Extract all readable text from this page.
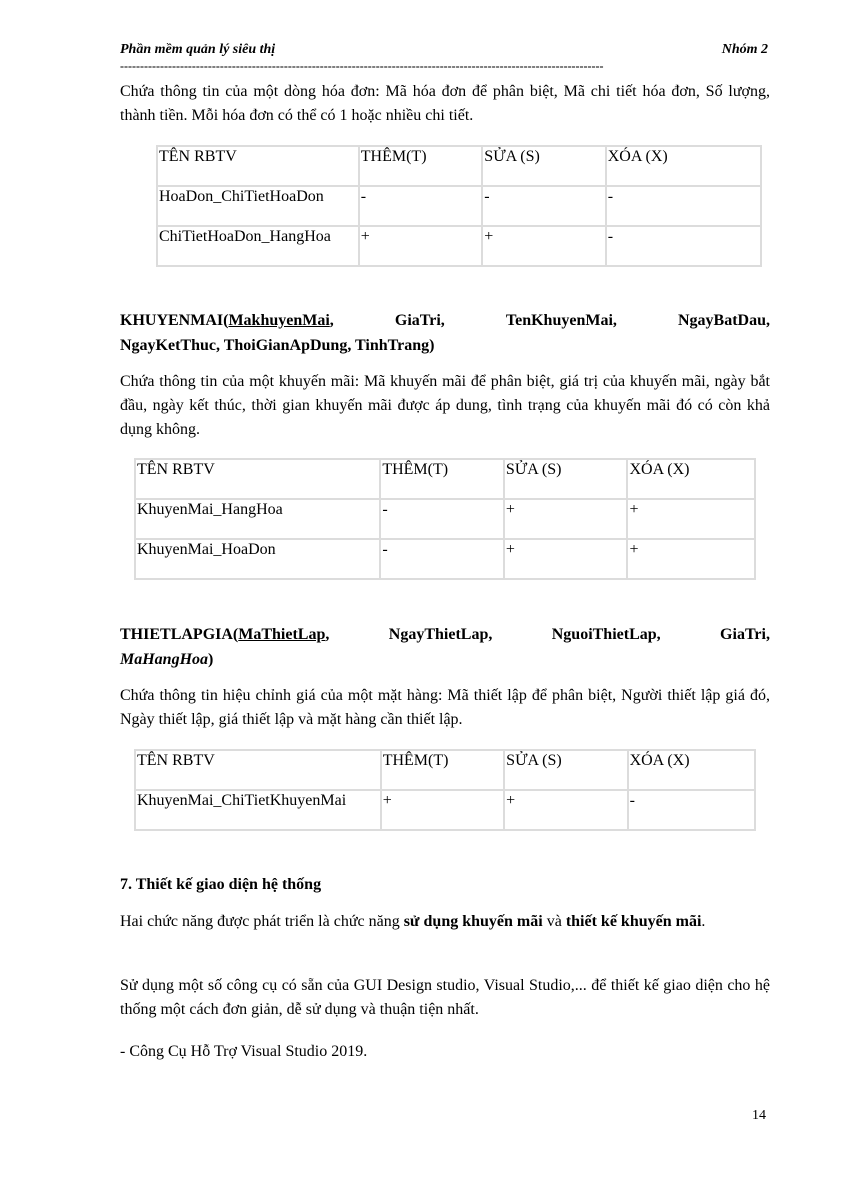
Phần mềm quản lý siêu thị	Nhóm 2
-------------------------------------------------------------------------------------------------------------------------
Chứa thông tin của một dòng hóa đơn: Mã hóa đơn để phân biệt, Mã chi tiết hóa đơn, Số lượng, thành tiền. Mỗi hóa đơn có thể có 1 hoặc nhiều chi tiết.
TÊN RBTV	THÊM(T)	SỬA (S)	XÓA (X)
HoaDon_ChiTietHoaDon	-	-	-
ChiTietHoaDon_HangHoa	+	+	-
KHUYENMAI(MakhuyenMai,	GiaTri,	TenKhuyenMai,	NgayBatDau,
NgayKetThuc, ThoiGianApDung, TinhTrang)
Chứa thông tin của một khuyến mãi: Mã khuyến mãi để phân biệt, giá trị của khuyến mãi, ngày bắt đầu, ngày kết thúc, thời gian khuyến mãi được áp dung, tình trạng của khuyến mãi đó có còn khả dụng không.
TÊN RBTV	THÊM(T)	SỬA (S)	XÓA (X)
KhuyenMai_HangHoa	-	+	+
KhuyenMai_HoaDon	-	+	+
THIETLAPGIA(MaThietLap,	NgayThietLap,	NguoiThietLap,	GiaTri,
MaHangHoa)
Chứa thông tin hiệu chỉnh giá của một mặt hàng: Mã thiết lập để phân biệt, Người thiết lập giá đó, Ngày thiết lập, giá thiết lập và mặt hàng cần thiết lập.
TÊN RBTV	THÊM(T)	SỬA (S)	XÓA (X)
KhuyenMai_ChiTietKhuyenMai	+	+	-
7. Thiết kế giao diện hệ thống
Hai chức năng được phát triển là chức năng sử dụng khuyến mãi và thiết kế khuyến mãi.
Sử dụng một số công cụ có sẵn của GUI Design studio, Visual Studio,... để thiết kế giao diện cho hệ thống một cách đơn giản, dễ sử dụng và thuận tiện nhất.
- Công Cụ Hỗ Trợ Visual Studio 2019.
14
